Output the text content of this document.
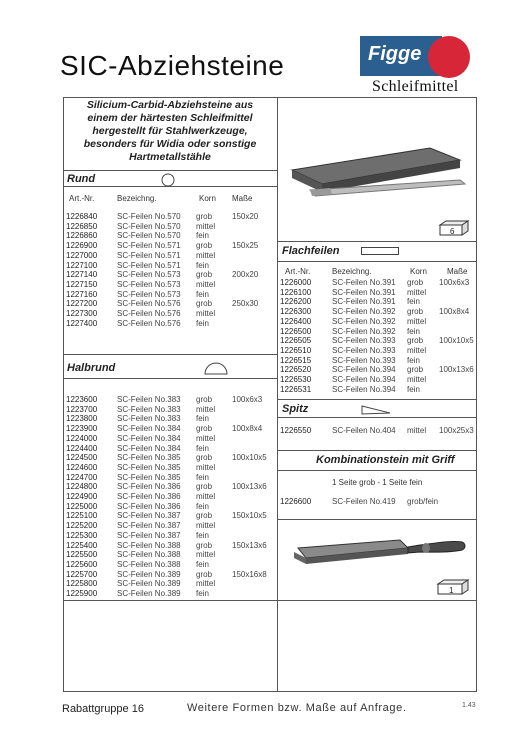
SIC-Abziehsteine	Figge
Schleifmittel
Silicium-Carbid-Abziehsteine aus
einem der härtesten Schleifmittel
hergestellt für Stahlwerkzeuge,
besonders für Widia oder sonstige
Hartmetallstähle
Rund
Art.-Nr.	Bezeichng.	Korn Maße
1226840 SC-Feilen No.570 grob 150x20
1226850 SC-Feilen No.570 mittel
1226860 SC-Feilen No.570 fein
1226900 SC-Feilen No.571 grob 150x25
1227000 SC-Feilen No.571 mittel
1227100 SC-Feilen No.571 fein
1227140 SC-Feilen No.573 grob 200x20
1227150 SC-Feilen No.573 mittel
1227160 SC-Feilen No.573 fein
1227200 SC-Feilen No.576 grob 250x30
1227300 SC-Feilen No.576 mittel
1227400 SC-Feilen No.576 fein
Halbrund
1223600 SC-Feilen No.383 grob 100x6x3
1223700 SC-Feilen No.383 mittel
1223800 SC-Feilen No.383 fein
1223900 SC-Feilen No.384 grob 100x8x4
1224000 SC-Feilen No.384 mittel
1224400 SC-Feilen No.384 fein
1224500 SC-Feilen No.385 grob 100x10x5
1224600 SC-Feilen No.385 mittel
1224700 SC-Feilen No.385 fein
1224800 SC-Feilen No.386 grob 100x13x6
1224900 SC-Feilen No.386 mittel
1225000 SC-Feilen No.386 fein
1225100 SC-Feilen No.387 grob 150x10x5
1225200 SC-Feilen No.387 mittel
1225300 SC-Feilen No.387 fein
1225400 SC-Feilen No.388 grob 150x13x6
1225500 SC-Feilen No.388 mittel
1225600 SC-Feilen No.388 fein
1225700 SC-Feilen No.389 grob 150x16x8
1225800 SC-Feilen No.389 mittel
1225900 SC-Feilen No.389 fein
6
Flachfeilen
Art.-Nr.	Bezeichng.	Korn	Maße
1226000	SC-Feilen No.391 grob 100x6x3
1226100	SC-Feilen No.391 mittel
1226200	SC-Feilen No.391 fein
1226300	SC-Feilen No.392 grob 100x8x4
1226400	SC-Feilen No.392 mittel
1226500	SC-Feilen No.392 fein
1226505	SC-Feilen No.393 grob 100x10x5
1226510	SC-Feilen No.393 mittel
1226515	SC-Feilen No.393 fein
1226520	SC-Feilen No.394 grob 100x13x6
1226530	SC-Feilen No.394 mittel
1226531	SC-Feilen No.394 fein
Spitz
1226550	SC-Feilen No.404 mittel 100x25x3
Kombinationstein mit Griff
1 Seite grob - 1 Seite fein
1226600	SC-Feilen No.419 grob/fein
1
Rabattgruppe 16	Weitere Formen bzw. Maße auf Anfrage.	1.43
